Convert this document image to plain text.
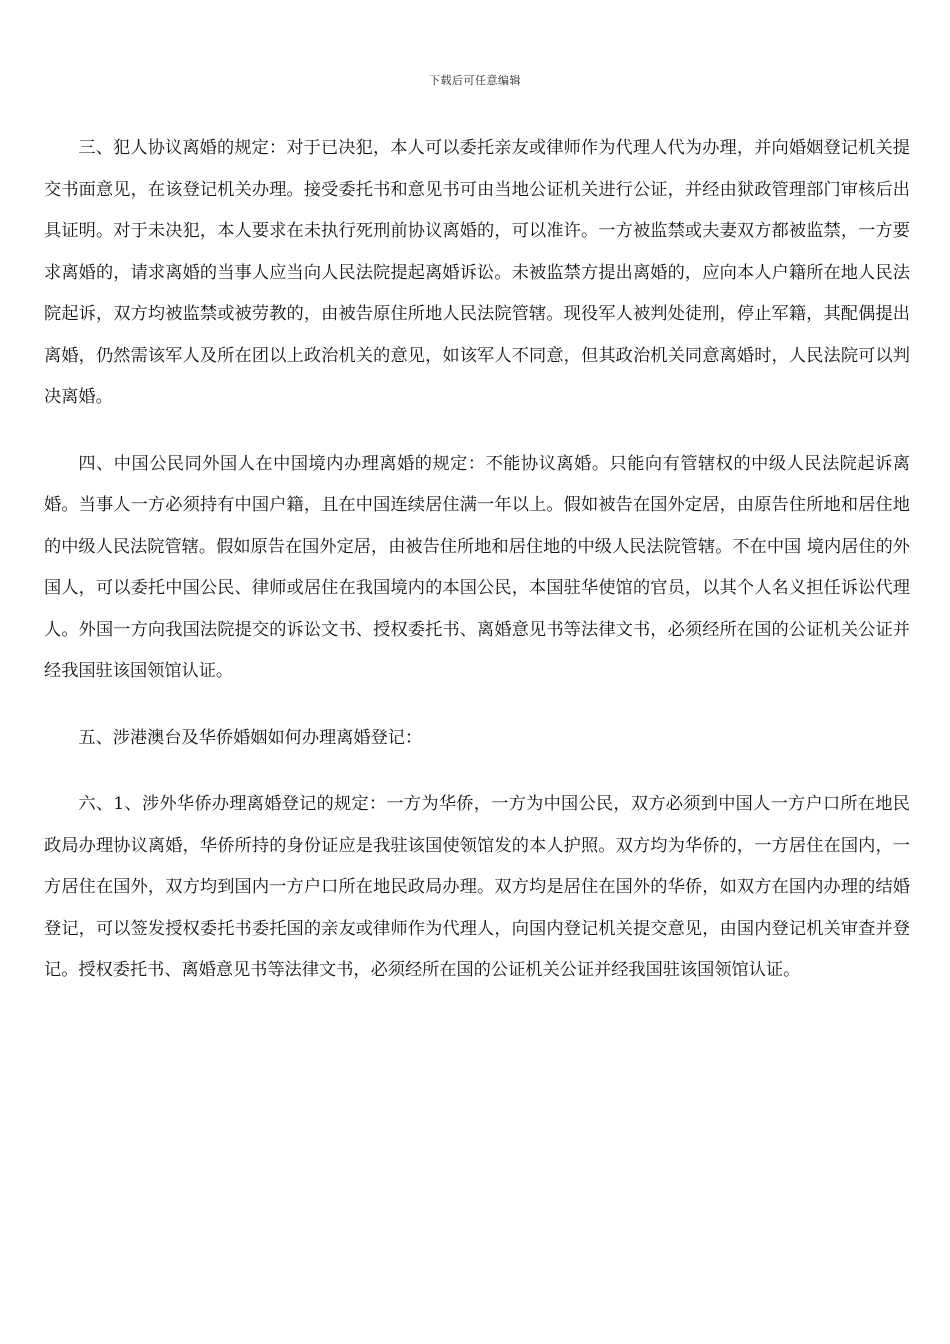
下载后可任意编辑

三、犯人协议离婚的规定：对于已决犯，本人可以委托亲友或律师作为代理人代为办理，并向婚姻登记机关提交书面意见，在该登记机关办理。接受委托书和意见书可由当地公证机关进行公证，并经由狱政管理部门审核后出具证明。对于未决犯，本人要求在未执行死刑前协议离婚的，可以准许。一方被监禁或夫妻双方都被监禁，一方要求离婚的，请求离婚的当事人应当向人民法院提起离婚诉讼。未被监禁方提出离婚的，应向本人户籍所在地人民法院起诉，双方均被监禁或被劳教的，由被告原住所地人民法院管辖。现役军人被判处徒刑，停止军籍，其配偶提出离婚，仍然需该军人及所在团以上政治机关的意见，如该军人不同意，但其政治机关同意离婚时，人民法院可以判决离婚。

四、中国公民同外国人在中国境内办理离婚的规定：不能协议离婚。只能向有管辖权的中级人民法院起诉离婚。当事人一方必须持有中国户籍，且在中国连续居住满一年以上。假如被告在国外定居，由原告住所地和居住地的中级人民法院管辖。假如原告在国外定居，由被告住所地和居住地的中级人民法院管辖。不在中国 境内居住的外国人，可以委托中国公民、律师或居住在我国境内的本国公民，本国驻华使馆的官员，以其个人名义担任诉讼代理人。外国一方向我国法院提交的诉讼文书、授权委托书、离婚意见书等法律文书，必须经所在国的公证机关公证并经我国驻该国领馆认证。

五、涉港澳台及华侨婚姻如何办理离婚登记：

六、1、涉外华侨办理离婚登记的规定：一方为华侨，一方为中国公民，双方必须到中国人一方户口所在地民政局办理协议离婚，华侨所持的身份证应是我驻该国使领馆发的本人护照。双方均为华侨的，一方居住在国内，一方居住在国外，双方均到国内一方户口所在地民政局办理。双方均是居住在国外的华侨，如双方在国内办理的结婚登记，可以签发授权委托书委托国的亲友或律师作为代理人，向国内登记机关提交意见，由国内登记机关审查并登记。授权委托书、离婚意见书等法律文书，必须经所在国的公证机关公证并经我国驻该国领馆认证。
